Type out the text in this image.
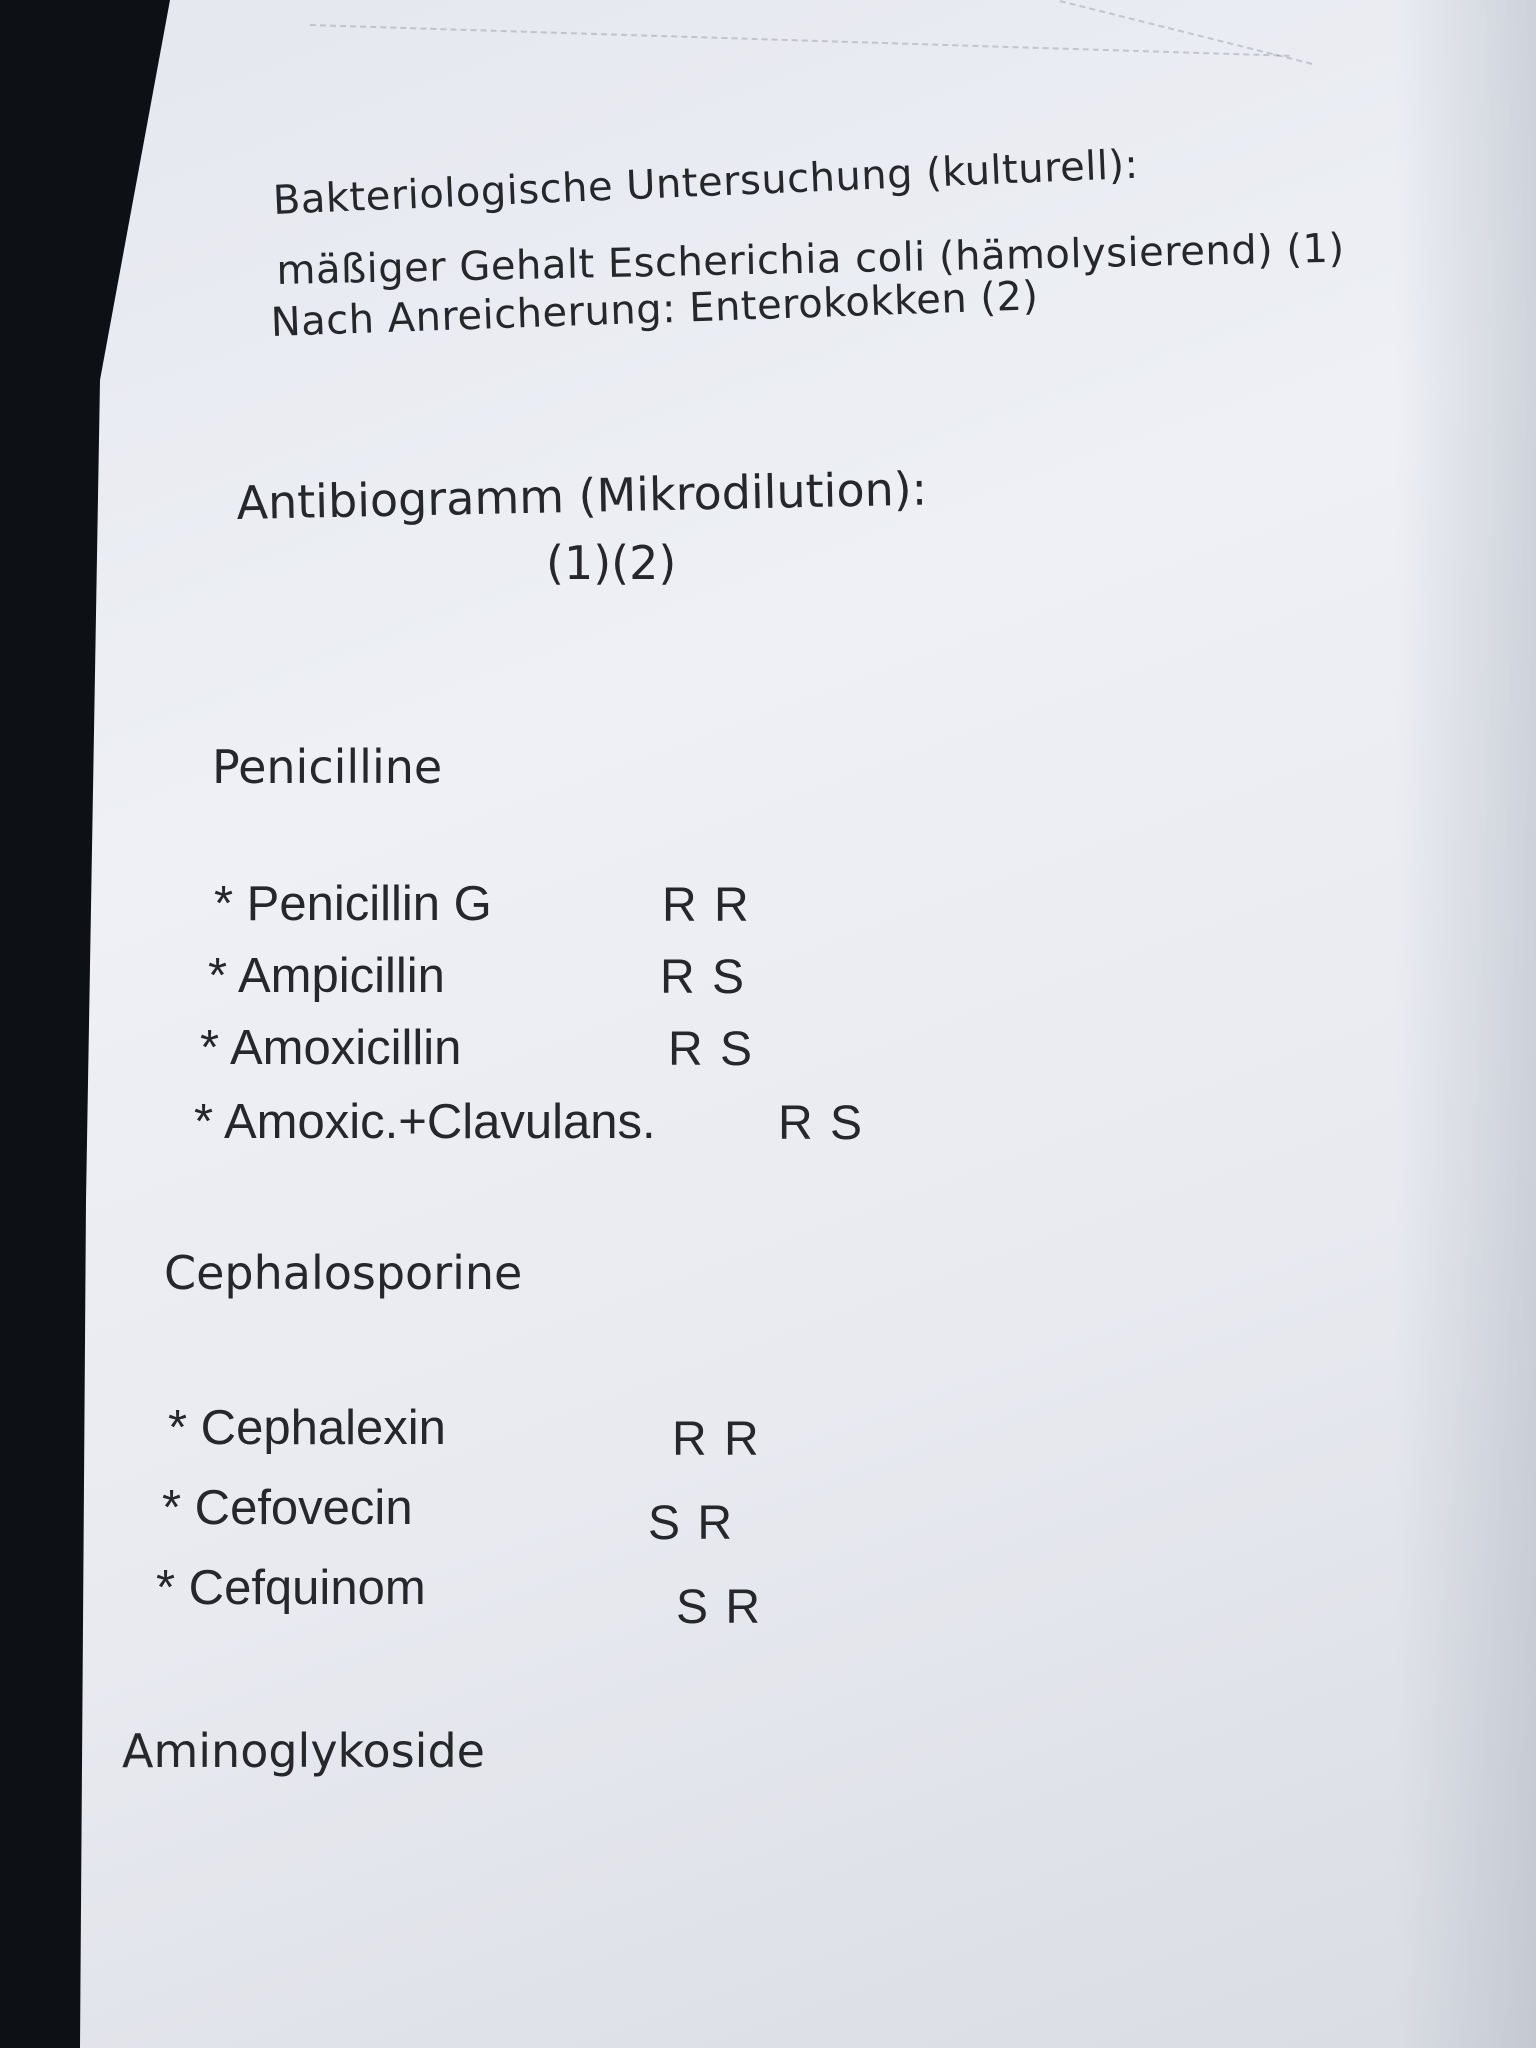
Bakteriologische Untersuchung (kulturell):
mäßiger Gehalt Escherichia coli (hämolysierend) (1)
Nach Anreicherung: Enterokokken (2)
Antibiogramm (Mikrodilution):
(1)(2)
Penicilline
* Penicillin G	R R
* Ampicillin	R S
* Amoxicillin	R S
* Amoxic.+Clavulans.	R S
Cephalosporine
* Cephalexin	R R
* Cefovecin	S R
* Cefquinom	S R
Aminoglykoside
